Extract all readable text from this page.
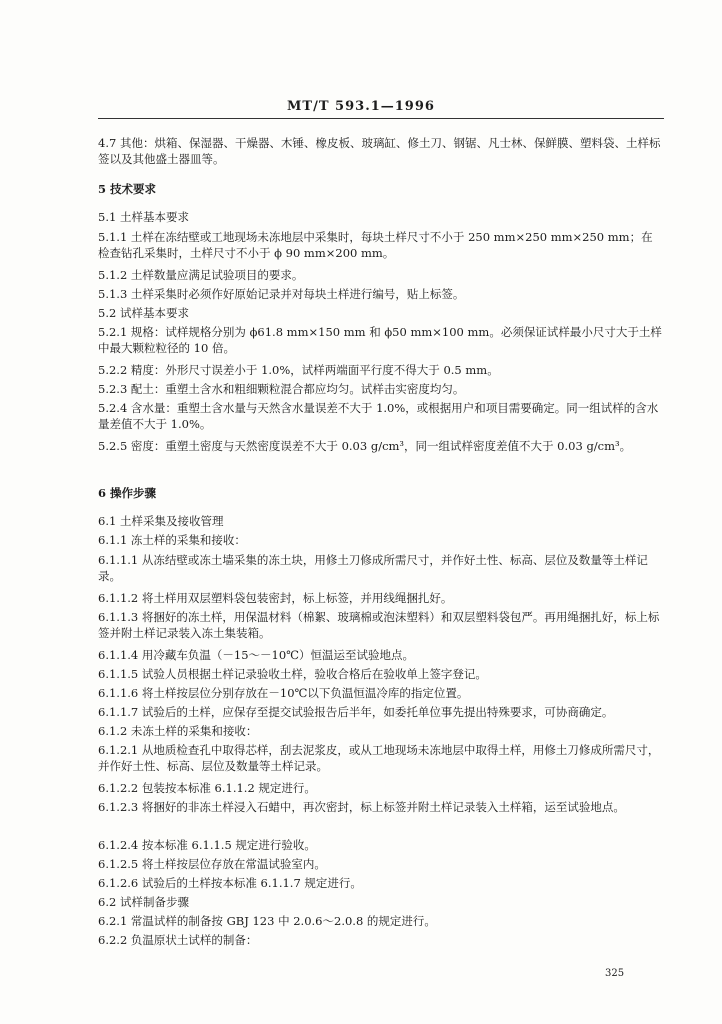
MT/T 593.1—1996
4.7 其他：烘箱、保湿器、干燥器、木锤、橡皮板、玻璃缸、修土刀、钢锯、凡士林、保鲜膜、塑料袋、土样标签以及其他盛土器皿等。
5 技术要求
5.1 土样基本要求
5.1.1 土样在冻结壁或工地现场未冻地层中采集时，每块土样尺寸不小于 250 mm×250 mm×250 mm；在检查钻孔采集时，土样尺寸不小于 ϕ 90 mm×200 mm。
5.1.2 土样数量应满足试验项目的要求。
5.1.3 土样采集时必须作好原始记录并对每块土样进行编号，贴上标签。
5.2 试样基本要求
5.2.1 规格：试样规格分别为 ϕ61.8 mm×150 mm 和 ϕ50 mm×100 mm。必须保证试样最小尺寸大于土样中最大颗粒粒径的 10 倍。
5.2.2 精度：外形尺寸误差小于 1.0%，试样两端面平行度不得大于 0.5 mm。
5.2.3 配土：重塑土含水和粗细颗粒混合都应均匀。试样击实密度均匀。
5.2.4 含水量：重塑土含水量与天然含水量误差不大于 1.0%，或根据用户和项目需要确定。同一组试样的含水量差值不大于 1.0%。
5.2.5 密度：重塑土密度与天然密度误差不大于 0.03 g/cm³，同一组试样密度差值不大于 0.03 g/cm³。
6 操作步骤
6.1 土样采集及接收管理
6.1.1 冻土样的采集和接收：
6.1.1.1 从冻结壁或冻土墙采集的冻土块，用修土刀修成所需尺寸，并作好土性、标高、层位及数量等土样记录。
6.1.1.2 将土样用双层塑料袋包装密封，标上标签，并用线绳捆扎好。
6.1.1.3 将捆好的冻土样，用保温材料（棉絮、玻璃棉或泡沫塑料）和双层塑料袋包严。再用绳捆扎好，标上标签并附土样记录装入冻土集装箱。
6.1.1.4 用冷藏车负温（－15～－10℃）恒温运至试验地点。
6.1.1.5 试验人员根据土样记录验收土样，验收合格后在验收单上签字登记。
6.1.1.6 将土样按层位分别存放在－10℃以下负温恒温冷库的指定位置。
6.1.1.7 试验后的土样，应保存至提交试验报告后半年，如委托单位事先提出特殊要求，可协商确定。
6.1.2 未冻土样的采集和接收：
6.1.2.1 从地质检查孔中取得芯样，刮去泥浆皮，或从工地现场未冻地层中取得土样，用修土刀修成所需尺寸，并作好土性、标高、层位及数量等土样记录。
6.1.2.2 包装按本标准 6.1.1.2 规定进行。
6.1.2.3 将捆好的非冻土样浸入石蜡中，再次密封，标上标签并附土样记录装入土样箱，运至试验地点。
6.1.2.4 按本标准 6.1.1.5 规定进行验收。
6.1.2.5 将土样按层位存放在常温试验室内。
6.1.2.6 试验后的土样按本标准 6.1.1.7 规定进行。
6.2 试样制备步骤
6.2.1 常温试样的制备按 GBJ 123 中 2.0.6～2.0.8 的规定进行。
6.2.2 负温原状土试样的制备：
325
